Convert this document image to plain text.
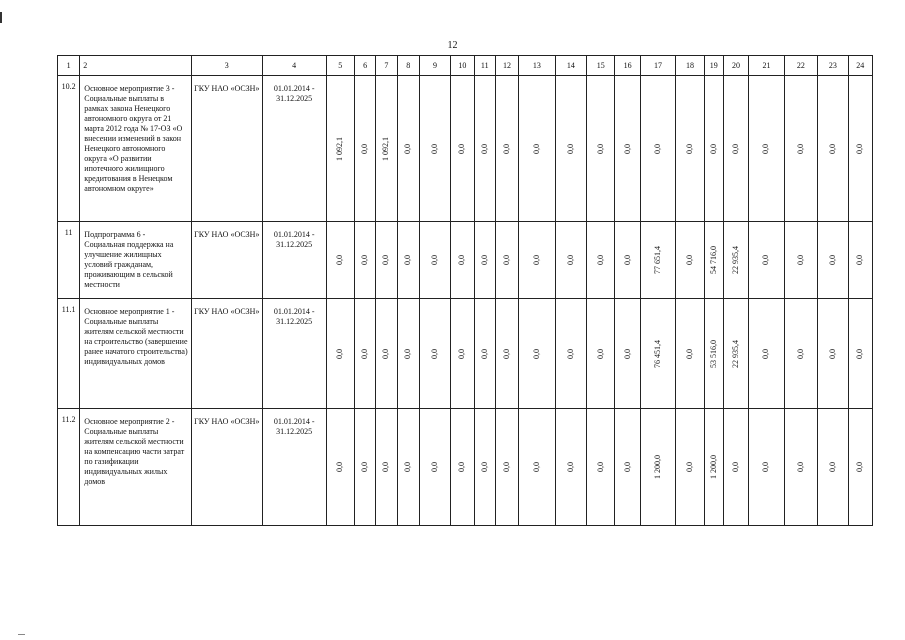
12
1	2	3	4	5	6	7	8	9	10	11	12	13	14	15	16	17	18	19	20	21	22	23	24
10.2	Основное мероприятие 3 - Социальные выплаты в рамках закона Ненецкого автономного округа от 21 марта 2012 года № 17-ОЗ «О внесении изменений в закон Ненецкого автономного округа «О развитии ипотечного жилищного кредитования в Ненецком автономном округе»	ГКУ НАО «ОСЗН»	01.01.2014 - 31.12.2025	1 092,1	0,0	1 092,1	0,0	0,0	0,0	0,0	0,0	0,0	0,0	0,0	0,0	0,0	0,0	0,0	0,0	0,0	0,0	0,0	0,0

11	Подпрограмма 6 - Социальная поддержка на улучшение жилищных условий гражданам, проживающим в сельской местности	ГКУ НАО «ОСЗН»	01.01.2014 - 31.12.2025	0,0	0,0	0,0	0,0	0,0	0,0	0,0	0,0	0,0	0,0	0,0	0,0	77 651,4	0,0	54 716,0	22 935,4	0,0	0,0	0,0	0,0

11.1	Основное мероприятие 1 - Социальные выплаты жителям сельской местности на строительство (завершение ранее начатого строительства) индивидуальных домов	ГКУ НАО «ОСЗН»	01.01.2014 - 31.12.2025	0,0	0,0	0,0	0,0	0,0	0,0	0,0	0,0	0,0	0,0	0,0	0,0	76 451,4	0,0	53 516,0	22 935,4	0,0	0,0	0,0	0,0

11.2	Основное мероприятие 2 - Социальные выплаты жителям сельской местности на компенсацию части затрат по газификации индивидуальных жилых домов	ГКУ НАО «ОСЗН»	01.01.2014 - 31.12.2025	0,0	0,0	0,0	0,0	0,0	0,0	0,0	0,0	0,0	0,0	0,0	0,0	1 200,0	0,0	1 200,0	0,0	0,0	0,0	0,0	0,0
